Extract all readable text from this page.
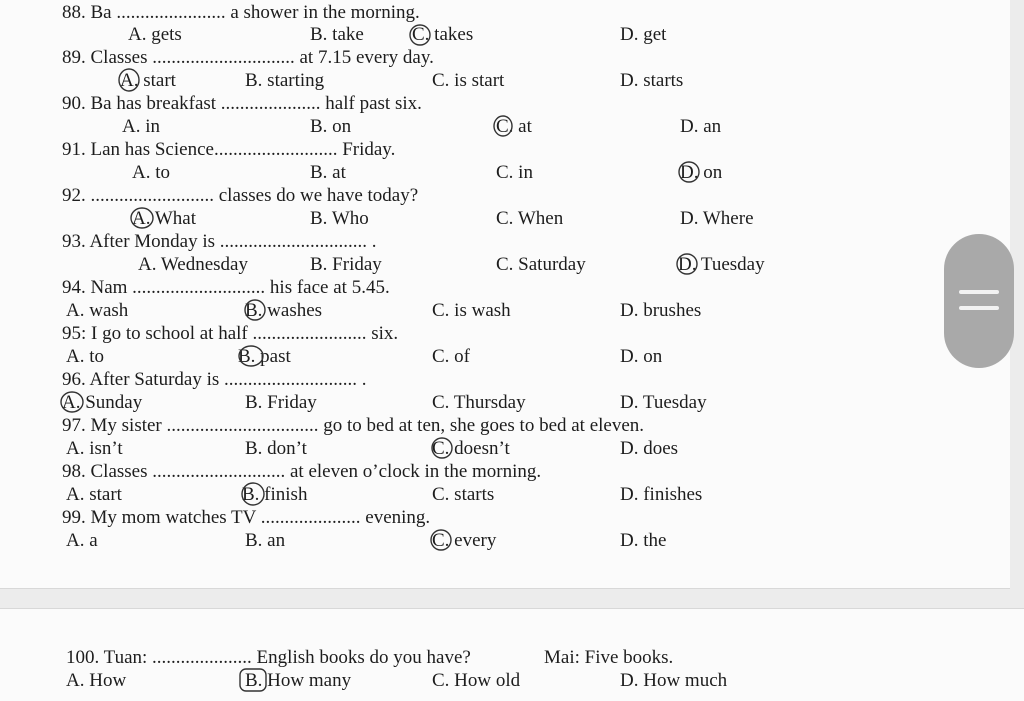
88. Ba ....................... a shower in the morning.
A. gets	B. take	C. takes	D. get
89. Classes .............................. at 7.15 every day.
A. start	B. starting	C. is start	D. starts
90. Ba has breakfast ..................... half past six.
A. in	B. on	C. at	D. an
91. Lan has Science.......................... Friday.
A. to	B. at	C. in	D. on
92. .......................... classes do we have today?
A. What	B. Who	C. When	D. Where
93. After Monday is ............................... .
A. Wednesday	B. Friday	C. Saturday	D. Tuesday
94. Nam ............................ his face at 5.45.
A. wash	B. washes	C. is wash	D. brushes
95: I go to school at half ........................ six.
A. to	B. past	C. of	D. on
96. After Saturday is ............................ .
A. Sunday	B. Friday	C. Thursday	D. Tuesday
97. My sister ................................ go to bed at ten, she goes to bed at eleven.
A. isn’t	B. don’t	C. doesn’t	D. does
98. Classes ............................ at eleven o’clock in the morning.
A. start	B. finish	C. starts	D. finishes
99. My mom watches TV ..................... evening.
A. a	B. an	C. every	D. the
100. Tuan: ..................... English books do you have?	Mai: Five books.
A. How	B. How many	C. How old	D. How much
